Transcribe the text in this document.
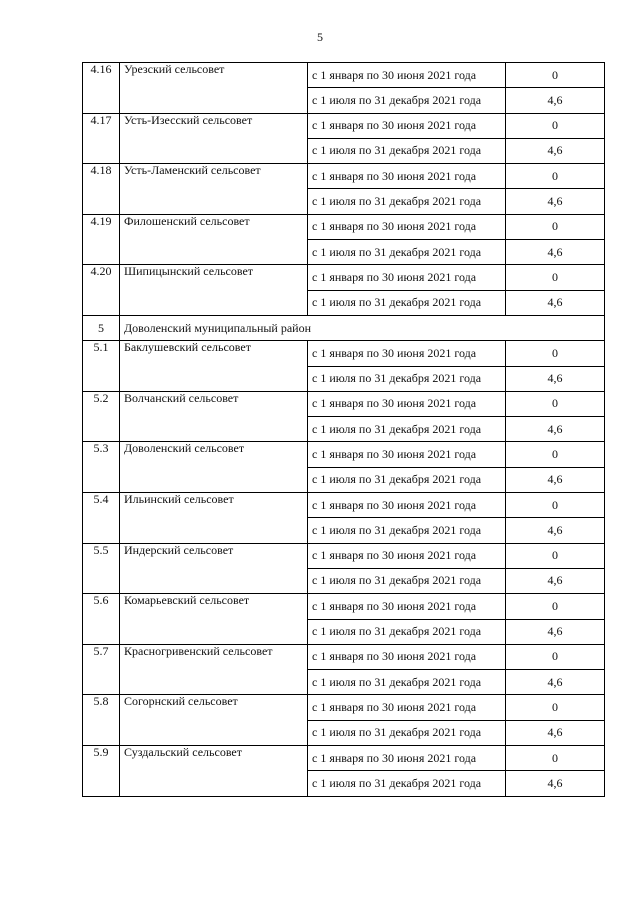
5
4.16	Урезский сельсовет	с 1 января по 30 июня 2021 года	0
		с 1 июля по 31 декабря 2021 года	4,6
4.17	Усть-Изесский сельсовет	с 1 января по 30 июня 2021 года	0
		с 1 июля по 31 декабря 2021 года	4,6
4.18	Усть-Ламенский сельсовет	с 1 января по 30 июня 2021 года	0
		с 1 июля по 31 декабря 2021 года	4,6
4.19	Филошенский сельсовет	с 1 января по 30 июня 2021 года	0
		с 1 июля по 31 декабря 2021 года	4,6
4.20	Шипицынский сельсовет	с 1 января по 30 июня 2021 года	0
		с 1 июля по 31 декабря 2021 года	4,6
5	Доволенский муниципальный район		
5.1	Баклушевский сельсовет	с 1 января по 30 июня 2021 года	0
		с 1 июля по 31 декабря 2021 года	4,6
5.2	Волчанский сельсовет	с 1 января по 30 июня 2021 года	0
		с 1 июля по 31 декабря 2021 года	4,6
5.3	Доволенский сельсовет	с 1 января по 30 июня 2021 года	0
		с 1 июля по 31 декабря 2021 года	4,6
5.4	Ильинский сельсовет	с 1 января по 30 июня 2021 года	0
		с 1 июля по 31 декабря 2021 года	4,6
5.5	Индерский сельсовет	с 1 января по 30 июня 2021 года	0
		с 1 июля по 31 декабря 2021 года	4,6
5.6	Комарьевский сельсовет	с 1 января по 30 июня 2021 года	0
		с 1 июля по 31 декабря 2021 года	4,6
5.7	Красногривенский сельсовет	с 1 января по 30 июня 2021 года	0
		с 1 июля по 31 декабря 2021 года	4,6
5.8	Согорнский сельсовет	с 1 января по 30 июня 2021 года	0
		с 1 июля по 31 декабря 2021 года	4,6
5.9	Суздальский сельсовет	с 1 января по 30 июня 2021 года	0
		с 1 июля по 31 декабря 2021 года	4,6
